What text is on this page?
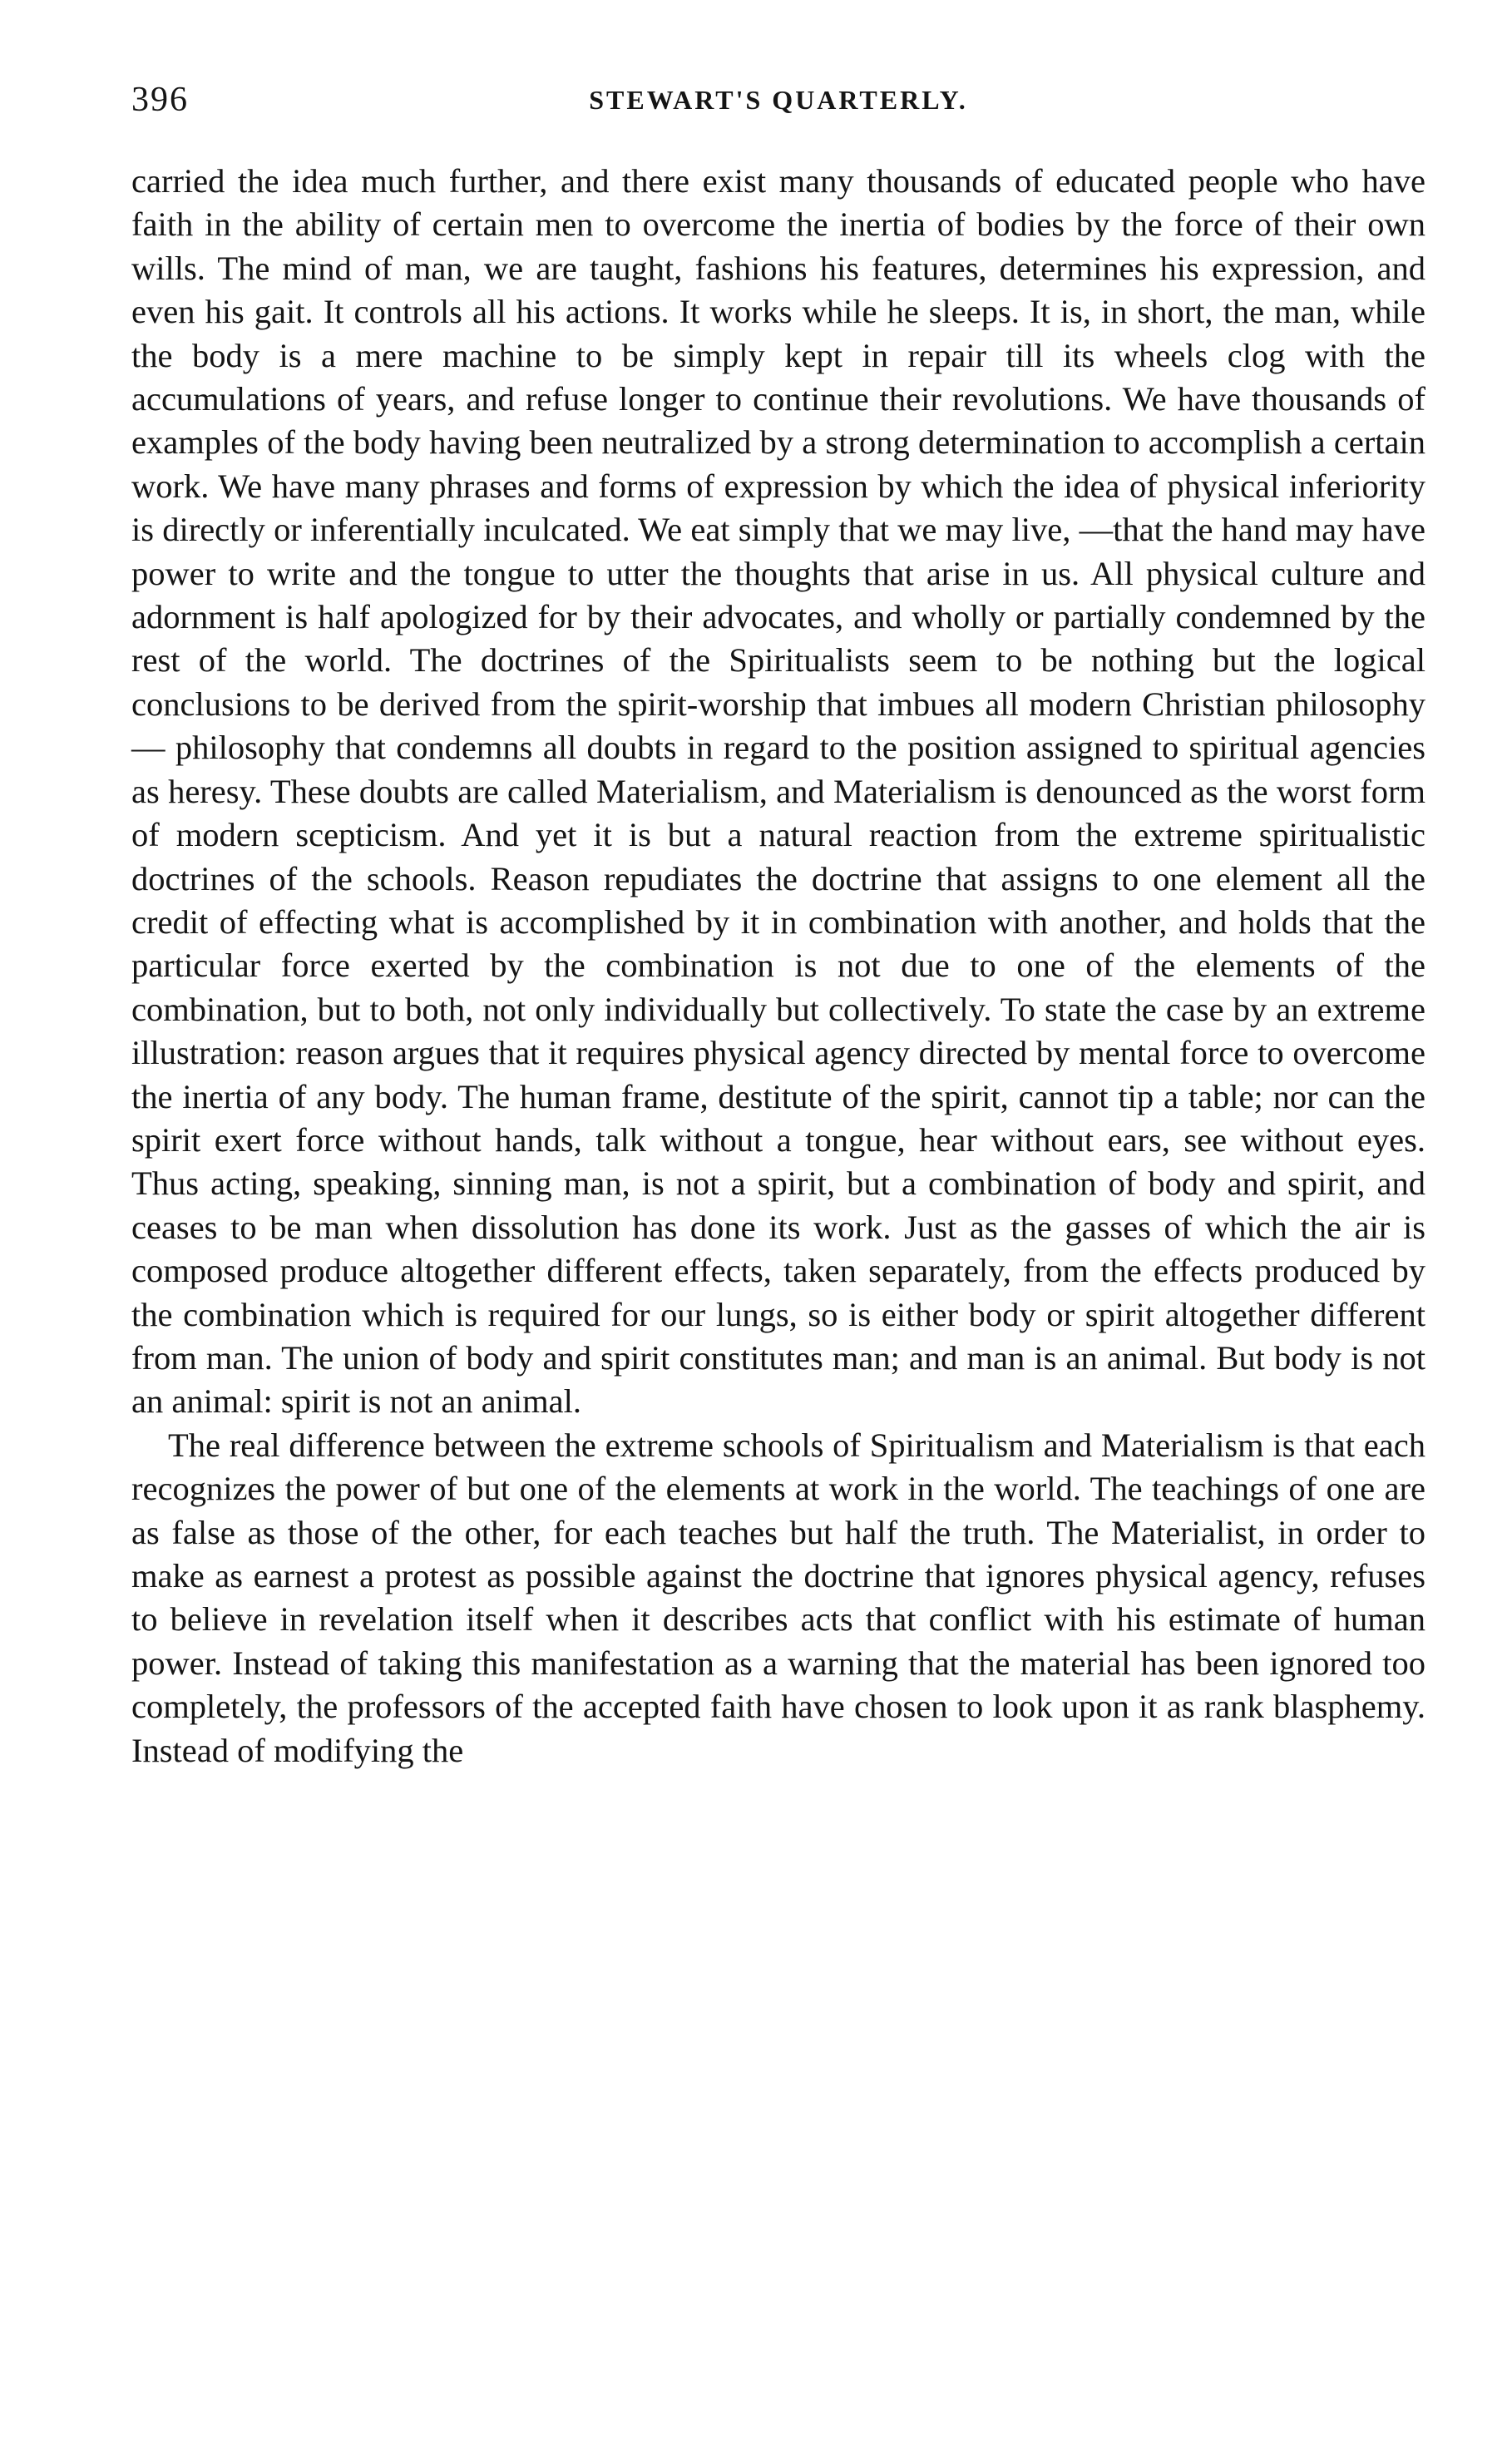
396	STEWART'S QUARTERLY.

carried the idea much further, and there exist many thousands of educated people who have faith in the ability of certain men to overcome the inertia of bodies by the force of their own wills. The mind of man, we are taught, fashions his features, determines his expression, and even his gait. It controls all his actions. It works while he sleeps. It is, in short, the man, while the body is a mere machine to be simply kept in repair till its wheels clog with the accumulations of years, and refuse longer to continue their revolutions. We have thousands of examples of the body having been neutralized by a strong determination to accomplish a certain work. We have many phrases and forms of expression by which the idea of physical inferiority is directly or inferentially inculcated. We eat simply that we may live, —that the hand may have power to write and the tongue to utter the thoughts that arise in us. All physical culture and adornment is half apologized for by their advocates, and wholly or partially condemned by the rest of the world. The doctrines of the Spiritualists seem to be nothing but the logical conclusions to be derived from the spirit-worship that imbues all modern Christian philosophy — philosophy that condemns all doubts in regard to the position assigned to spiritual agencies as heresy. These doubts are called Materialism, and Materialism is denounced as the worst form of modern scepticism. And yet it is but a natural reaction from the extreme spiritualistic doctrines of the schools. Reason repudiates the doctrine that assigns to one element all the credit of effecting what is accomplished by it in combination with another, and holds that the particular force exerted by the combination is not due to one of the elements of the combination, but to both, not only individually but collectively. To state the case by an extreme illustration: reason argues that it requires physical agency directed by mental force to overcome the inertia of any body. The human frame, destitute of the spirit, cannot tip a table; nor can the spirit exert force without hands, talk without a tongue, hear without ears, see without eyes. Thus acting, speaking, sinning man, is not a spirit, but a combination of body and spirit, and ceases to be man when dissolution has done its work. Just as the gasses of which the air is composed produce altogether different effects, taken separately, from the effects produced by the combination which is required for our lungs, so is either body or spirit altogether different from man. The union of body and spirit constitutes man; and man is an animal. But body is not an animal: spirit is not an animal.

The real difference between the extreme schools of Spiritualism and Materialism is that each recognizes the power of but one of the elements at work in the world. The teachings of one are as false as those of the other, for each teaches but half the truth. The Materialist, in order to make as earnest a protest as possible against the doctrine that ignores physical agency, refuses to believe in revelation itself when it describes acts that conflict with his estimate of human power. Instead of taking this manifestation as a warning that the material has been ignored too completely, the professors of the accepted faith have chosen to look upon it as rank blasphemy. Instead of modifying the
